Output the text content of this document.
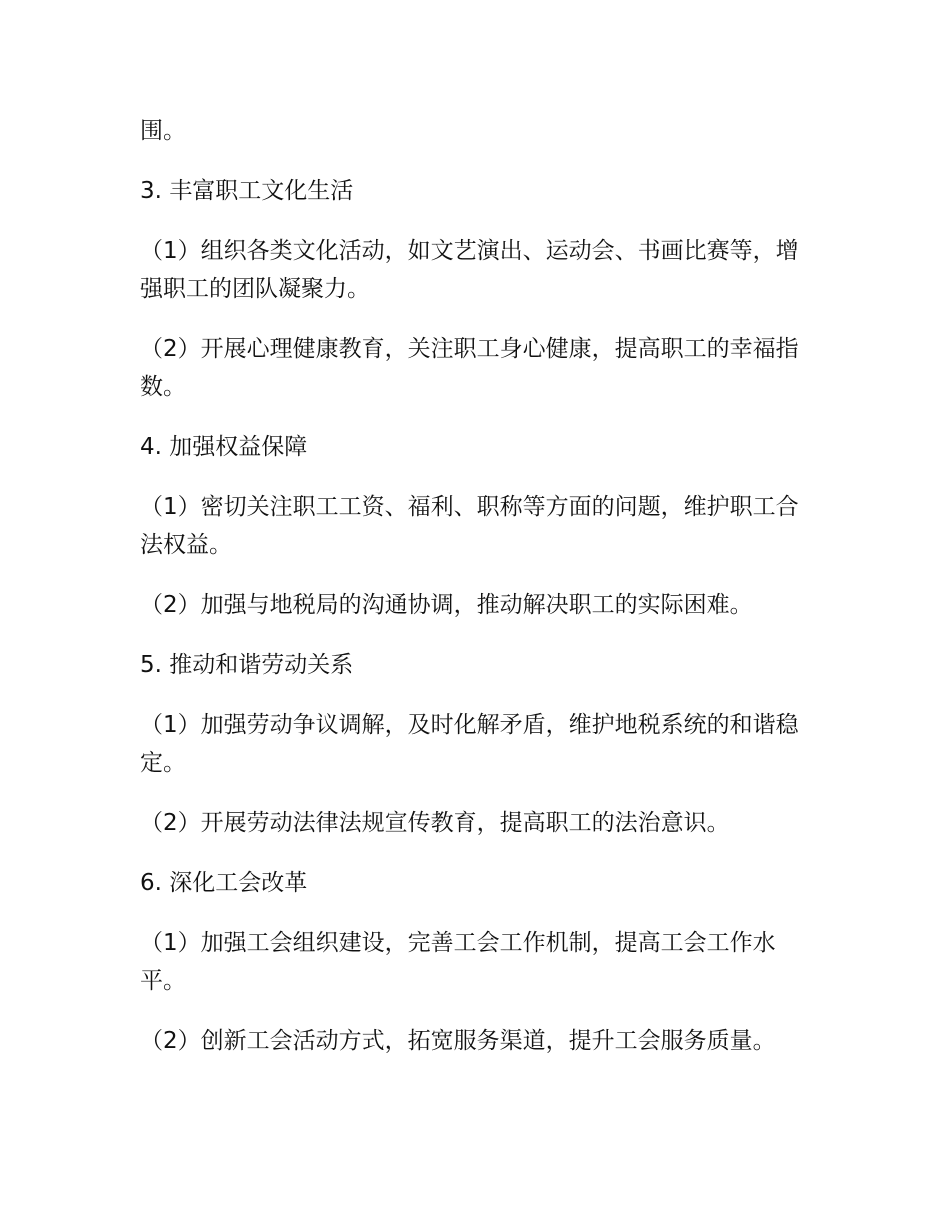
围。

3. 丰富职工文化生活

（1）组织各类文化活动，如文艺演出、运动会、书画比赛等，增强职工的团队凝聚力。

（2）开展心理健康教育，关注职工身心健康，提高职工的幸福指数。

4. 加强权益保障

（1）密切关注职工工资、福利、职称等方面的问题，维护职工合法权益。

（2）加强与地税局的沟通协调，推动解决职工的实际困难。

5. 推动和谐劳动关系

（1）加强劳动争议调解，及时化解矛盾，维护地税系统的和谐稳定。

（2）开展劳动法律法规宣传教育，提高职工的法治意识。

6. 深化工会改革

（1）加强工会组织建设，完善工会工作机制，提高工会工作水平。

（2）创新工会活动方式，拓宽服务渠道，提升工会服务质量。
